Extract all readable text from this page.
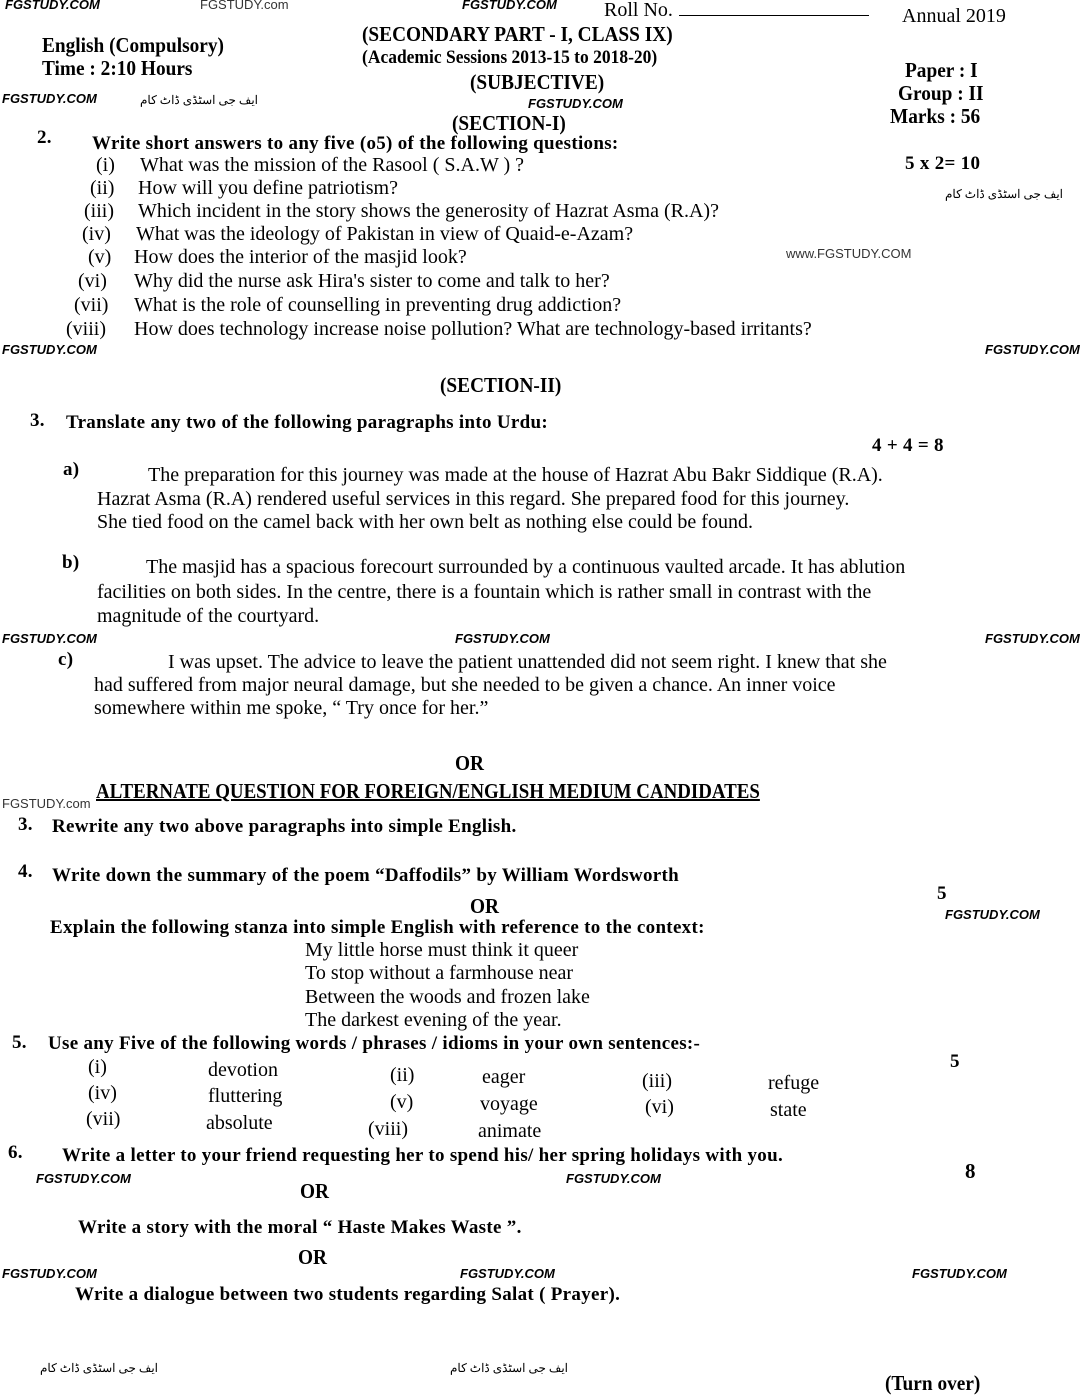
FGSTUDY.COM	FGSTUDY.com	FGSTUDY.COM
FGSTUDY.COM	FGSTUDY.COM
www.FGSTUDY.COM
FGSTUDY.COM	FGSTUDY.COM
FGSTUDY.COM	FGSTUDY.COM	FGSTUDY.COM
FGSTUDY.com
FGSTUDY.COM
FGSTUDY.COM	FGSTUDY.COM
FGSTUDY.COM	FGSTUDY.COM	FGSTUDY.COM
ایف جی اسٹڈی ڈاٹ کام
ایف جی اسٹڈی ڈاٹ کام
ایف جی اسٹڈی ڈاٹ کام	ایف جی اسٹڈی ڈاٹ کام
Roll No.	Annual 2019
(SECONDARY PART - I, CLASS IX)
(Academic Sessions 2013-15 to 2018-20)
(SUBJECTIVE)
English (Compulsory)
Time : 2:10 Hours	Paper : I
Group : II
Marks : 56
(SECTION-I)
2. Write short answers to any five (o5) of the following questions:
5 x 2= 10
(i) What was the mission of the Rasool ( S.A.W ) ?
(ii) How will you define patriotism?
(iii) Which incident in the story shows the generosity of Hazrat Asma (R.A)?
(iv) What was the ideology of Pakistan in view of Quaid-e-Azam?
(v) How does the interior of the masjid look?
(vi) Why did the nurse ask Hira's sister to come and talk to her?
(vii) What is the role of counselling in preventing drug addiction?
(viii) How does technology increase noise pollution? What are technology-based irritants?
(SECTION-II)
3. Translate any two of the following paragraphs into Urdu:
4 + 4 = 8
a)	The preparation for this journey was made at the house of Hazrat Abu Bakr Siddique (R.A).
Hazrat Asma (R.A) rendered useful services in this regard. She prepared food for this journey.
She tied food on the camel back with her own belt as nothing else could be found.
b)	The masjid has a spacious forecourt surrounded by a continuous vaulted arcade. It has ablution
facilities on both sides. In the centre, there is a fountain which is rather small in contrast with the
magnitude of the courtyard.
c)	I was upset. The advice to leave the patient unattended did not seem right. I knew that she
had suffered from major neural damage, but she needed to be given a chance. An inner voice
somewhere within me spoke, “ Try once for her.”
OR
ALTERNATE QUESTION FOR FOREIGN/ENGLISH MEDIUM CANDIDATES
3. Rewrite any two above paragraphs into simple English.
4. Write down the summary of the poem “Daffodils” by William Wordsworth
5
OR
Explain the following stanza into simple English with reference to the context:
My little horse must think it queer
To stop without a farmhouse near
Between the woods and frozen lake
The darkest evening of the year.
5. Use any Five of the following words / phrases / idioms in your own sentences:-
5
(i)	devotion	(ii)	eager	(iii)	refuge
(iv)	fluttering	(v)	voyage	(vi)	state
(vii)	absolute	(viii)	animate
6. Write a letter to your friend requesting her to spend his/ her spring holidays with you.
8
OR
Write a story with the moral “ Haste Makes Waste ”.
OR
Write a dialogue between two students regarding Salat ( Prayer).
(Turn over)
